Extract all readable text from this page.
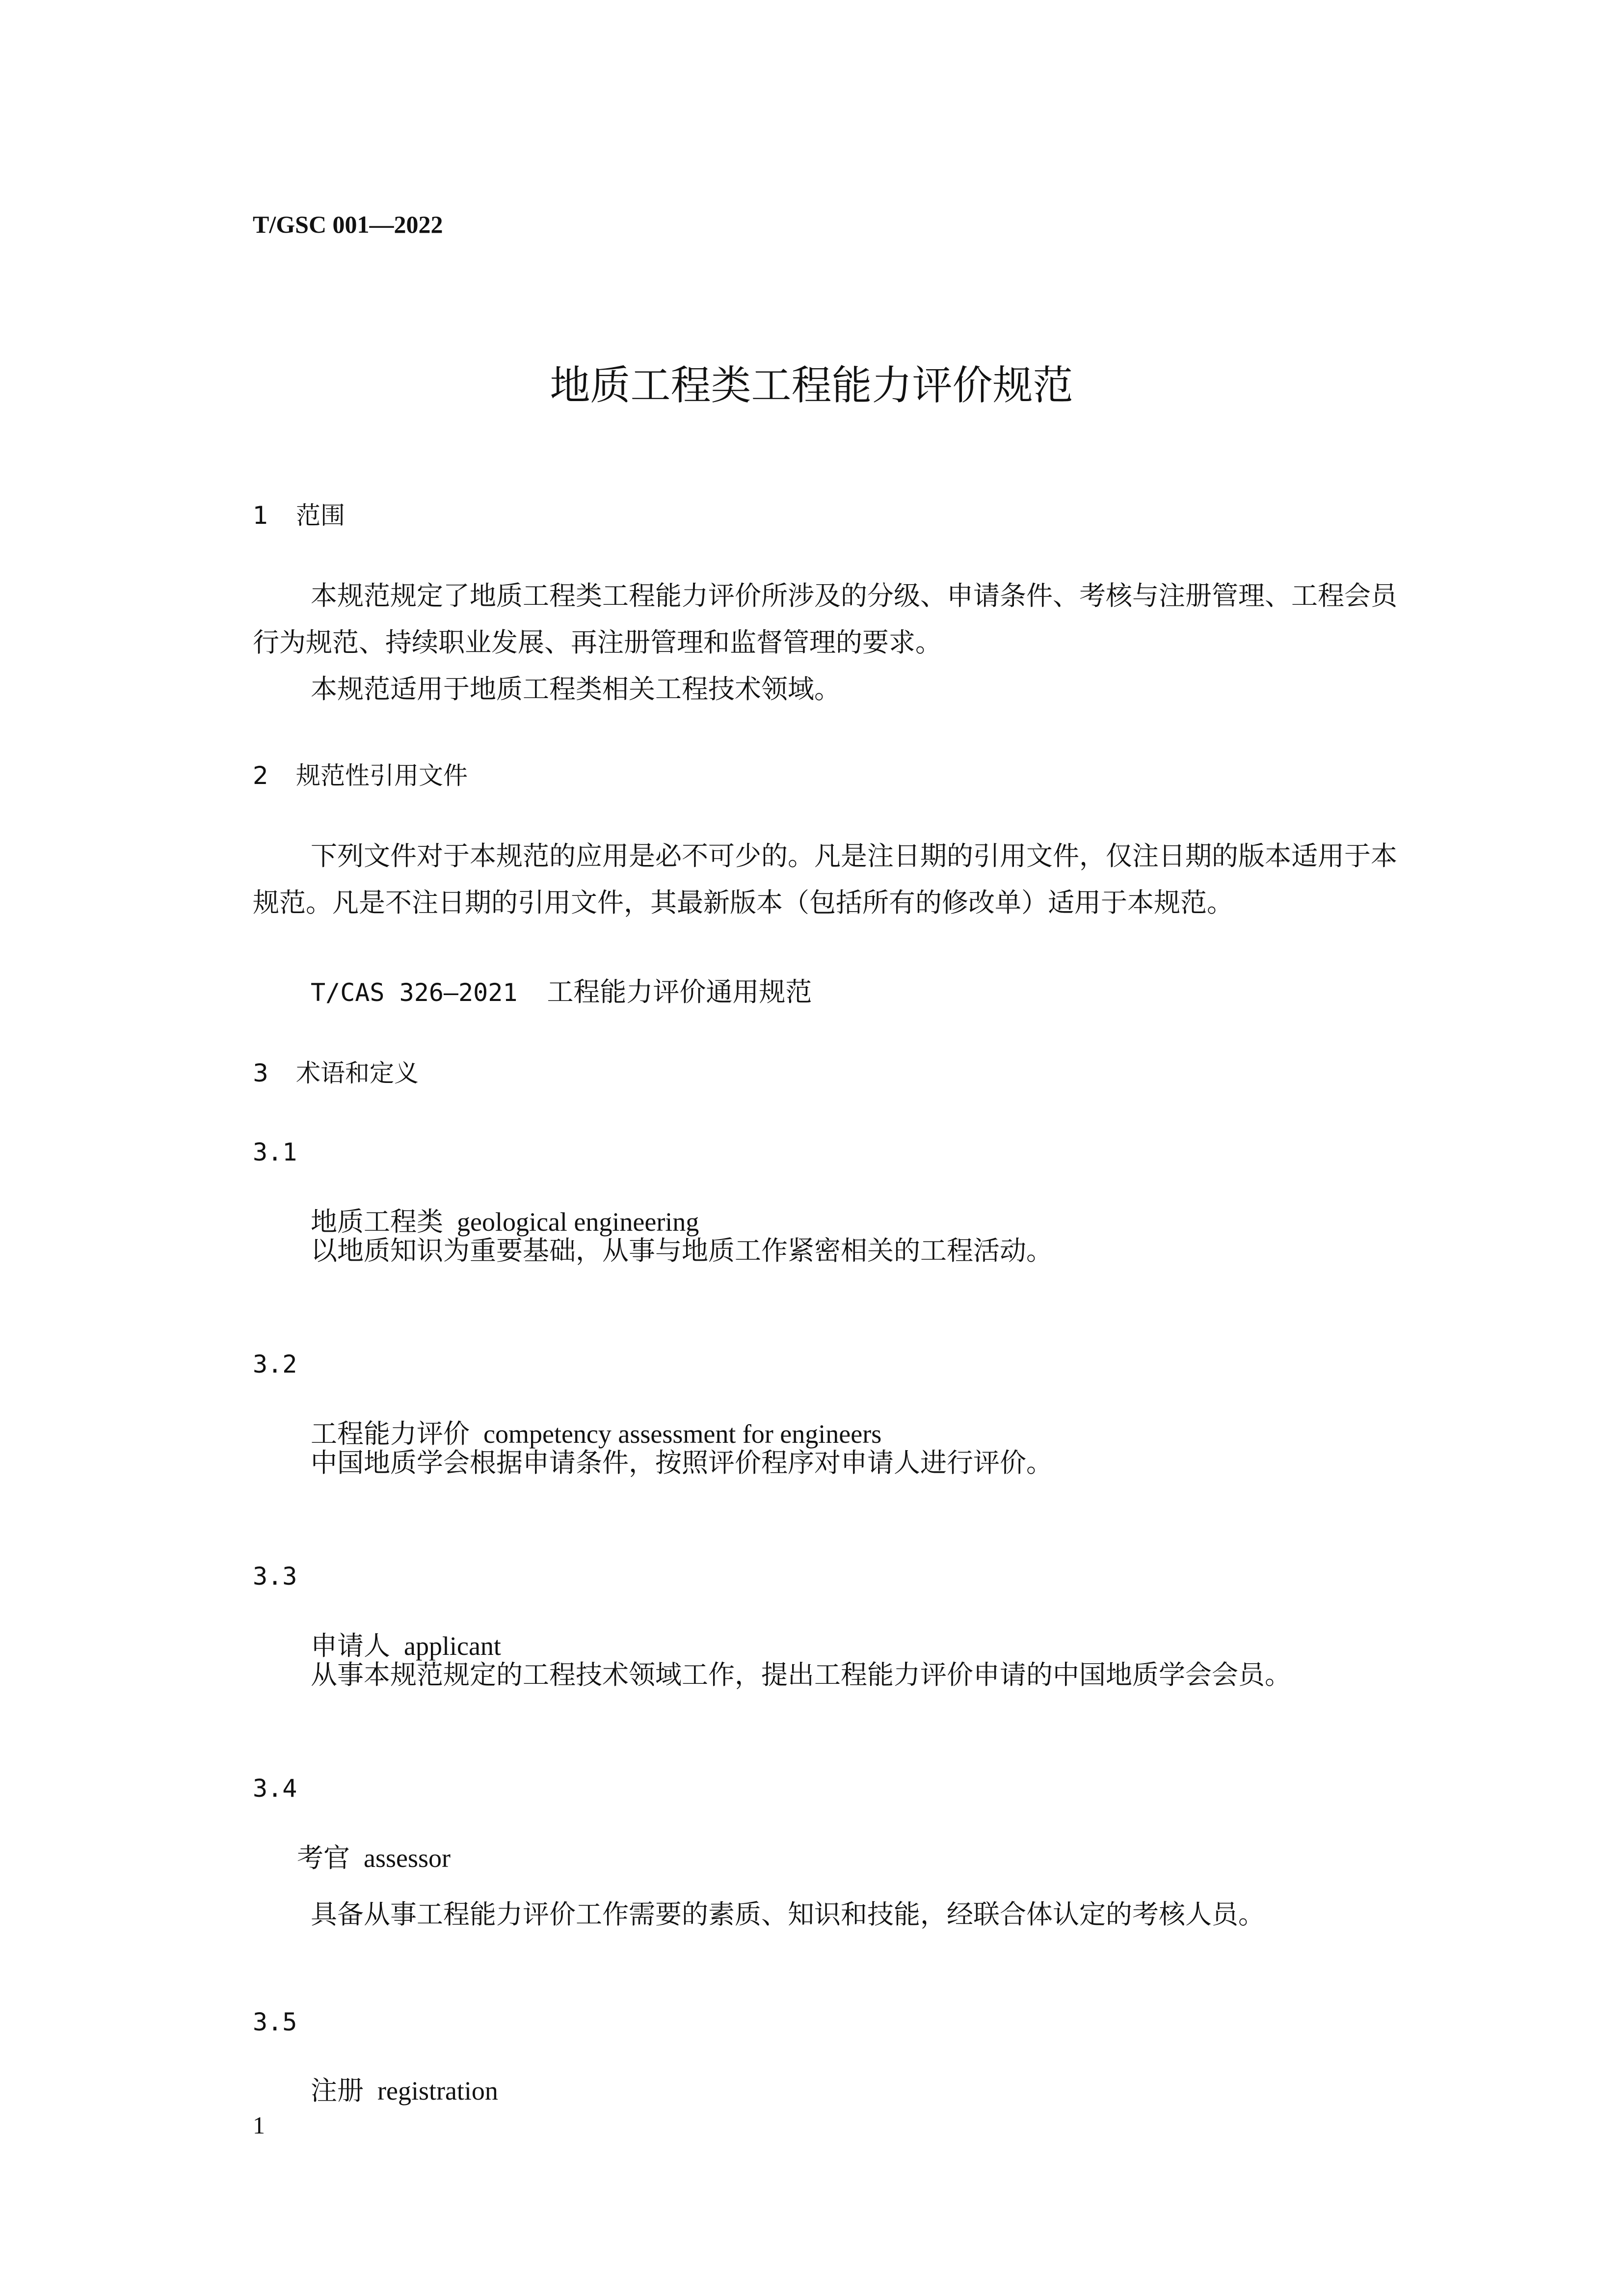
T/GSC 001—2022
地质工程类工程能力评价规范
1 范围
本规范规定了地质工程类工程能力评价所涉及的分级、申请条件、考核与注册管理、工程会员行为规范、持续职业发展、再注册管理和监督管理的要求。
本规范适用于地质工程类相关工程技术领域。
2 规范性引用文件
下列文件对于本规范的应用是必不可少的。凡是注日期的引用文件，仅注日期的版本适用于本规范。凡是不注日期的引用文件，其最新版本（包括所有的修改单）适用于本规范。
T/CAS 326—2021 工程能力评价通用规范
3 术语和定义
3.1
地质工程类 geological engineering
以地质知识为重要基础，从事与地质工作紧密相关的工程活动。
3.2
工程能力评价 competency assessment for engineers
中国地质学会根据申请条件，按照评价程序对申请人进行评价。
3.3
申请人 applicant
从事本规范规定的工程技术领域工作，提出工程能力评价申请的中国地质学会会员。
3.4
考官 assessor
具备从事工程能力评价工作需要的素质、知识和技能，经联合体认定的考核人员。
3.5
注册 registration
1
